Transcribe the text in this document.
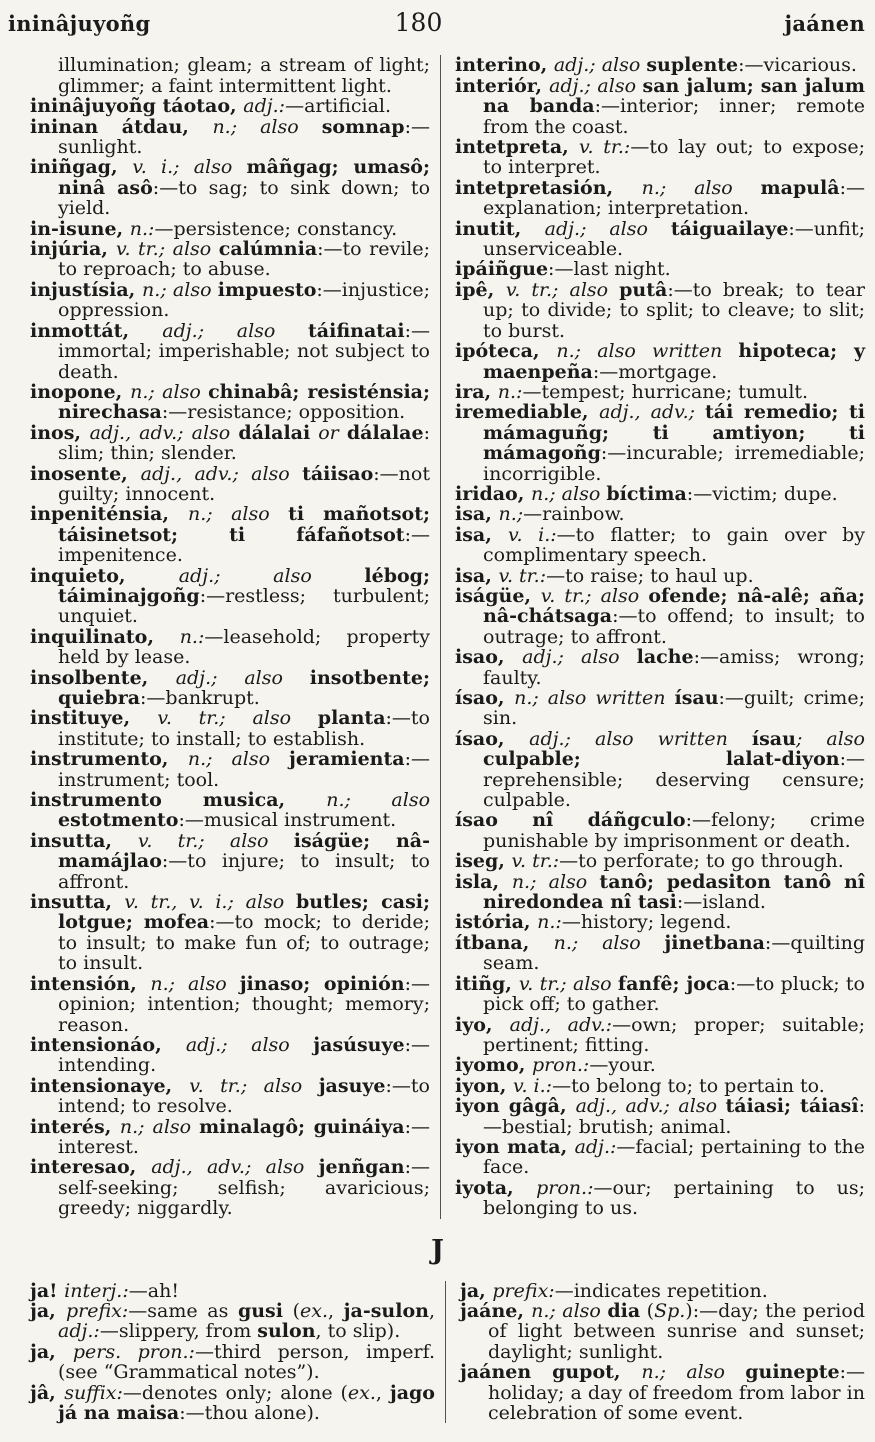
ininâjuyoñg	180	jaánen

illumination; gleam; a stream of light; glimmer; a faint intermittent light.

ininâjuyoñg táotao, adj.:—artificial.

ininan átdau, n.; also somnap:—sunlight.

iniñgag, v. i.; also mâñgag; umasô; ninâ asô:—to sag; to sink down; to yield.

in-isune, n.:—persistence; constancy.

injúria, v. tr.; also calúmnia:—to revile; to reproach; to abuse.

injustísia, n.; also impuesto:—injustice; oppression.

inmottát, adj.; also táifinatai:—immortal; imperishable; not subject to death.

inopone, n.; also chinabâ; resisténsia; nirechasa:—resistance; opposition.

inos, adj., adv.; also dálalai or dálalae: slim; thin; slender.

inosente, adj., adv.; also táiisao:—not guilty; innocent.

inpeniténsia, n.; also ti mañotsot; táisinetsot; ti fáfañotsot:—impenitence.

inquieto, adj.; also lébog; táiminajgoñg:—restless; turbulent; unquiet.

inquilinato, n.:—leasehold; property held by lease.

insolbente, adj.; also insotbente; quiebra:—bankrupt.

instituye, v. tr.; also planta:—to institute; to install; to establish.

instrumento, n.; also jeramienta:—instrument; tool.

instrumento musica, n.; also estotmento:—musical instrument.

insutta, v. tr.; also iságüe; nâ-mamájlao:—to injure; to insult; to affront.

insutta, v. tr., v. i.; also butles; casi; lotgue; mofea:—to mock; to deride; to insult; to make fun of; to outrage; to insult.

intensión, n.; also jinaso; opinión:—opinion; intention; thought; memory; reason.

intensionáo, adj.; also jasúsuye:—intending.

intensionaye, v. tr.; also jasuye:—to intend; to resolve.

interés, n.; also minalagô; guináiya:—interest.

interesao, adj., adv.; also jenñgan:—self-seeking; selfish; avaricious; greedy; niggardly.

interino, adj.; also suplente:—vicarious.

interiór, adj.; also san jalum; san jalum na banda:—interior; inner; remote from the coast.

intetpreta, v. tr.:—to lay out; to expose; to interpret.

intetpretasión, n.; also mapulâ:—explanation; interpretation.

inutit, adj.; also táiguailaye:—unfit; unserviceable.

ipáiñgue:—last night.

ipê, v. tr.; also putâ:—to break; to tear up; to divide; to split; to cleave; to slit; to burst.

ipóteca, n.; also written hipoteca; y maenpeña:—mortgage.

ira, n.:—tempest; hurricane; tumult.

iremediable, adj., adv.; tái remedio; ti mámaguñg; ti amtiyon; ti mámagoñg:—incurable; irremediable; incorrigible.

iridao, n.; also bíctima:—victim; dupe.

isa, n.;—rainbow.

isa, v. i.:—to flatter; to gain over by complimentary speech.

isa, v. tr.:—to raise; to haul up.

iságüe, v. tr.; also ofende; nâ-alê; aña; nâ-chátsaga:—to offend; to insult; to outrage; to affront.

isao, adj.; also lache:—amiss; wrong; faulty.

ísao, n.; also written ísau:—guilt; crime; sin.

ísao, adj.; also written ísau; also culpable; lalat-diyon:—reprehensible; deserving censure; culpable.

ísao nî dáñgculo:—felony; crime punishable by imprisonment or death.

iseg, v. tr.:—to perforate; to go through.

isla, n.; also tanô; pedasiton tanô nî niredondea nî tasi:—island.

istória, n.:—history; legend.

ítbana, n.; also jinetbana:—quilting seam.

itiñg, v. tr.; also fanfê; joca:—to pluck; to pick off; to gather.

iyo, adj., adv.:—own; proper; suitable; pertinent; fitting.

iyomo, pron.:—your.

iyon, v. i.:—to belong to; to pertain to.

iyon gâgâ, adj., adv.; also táiasi; táiasî:—bestial; brutish; animal.

iyon mata, adj.:—facial; pertaining to the face.

iyota, pron.:—our; pertaining to us; belonging to us.

J

ja! interj.:—ah!

ja, prefix:—same as gusi (ex., ja-sulon, adj.:—slippery, from sulon, to slip).

ja, pers. pron.:—third person, imperf. (see “Grammatical notes”).

jâ, suffix:—denotes only; alone (ex., jago já na maisa:—thou alone).

ja, prefix:—indicates repetition.

jaáne, n.; also dia (Sp.):—day; the period of light between sunrise and sunset; daylight; sunlight.

jaánen gupot, n.; also guinepte:—holiday; a day of freedom from labor in celebration of some event.
